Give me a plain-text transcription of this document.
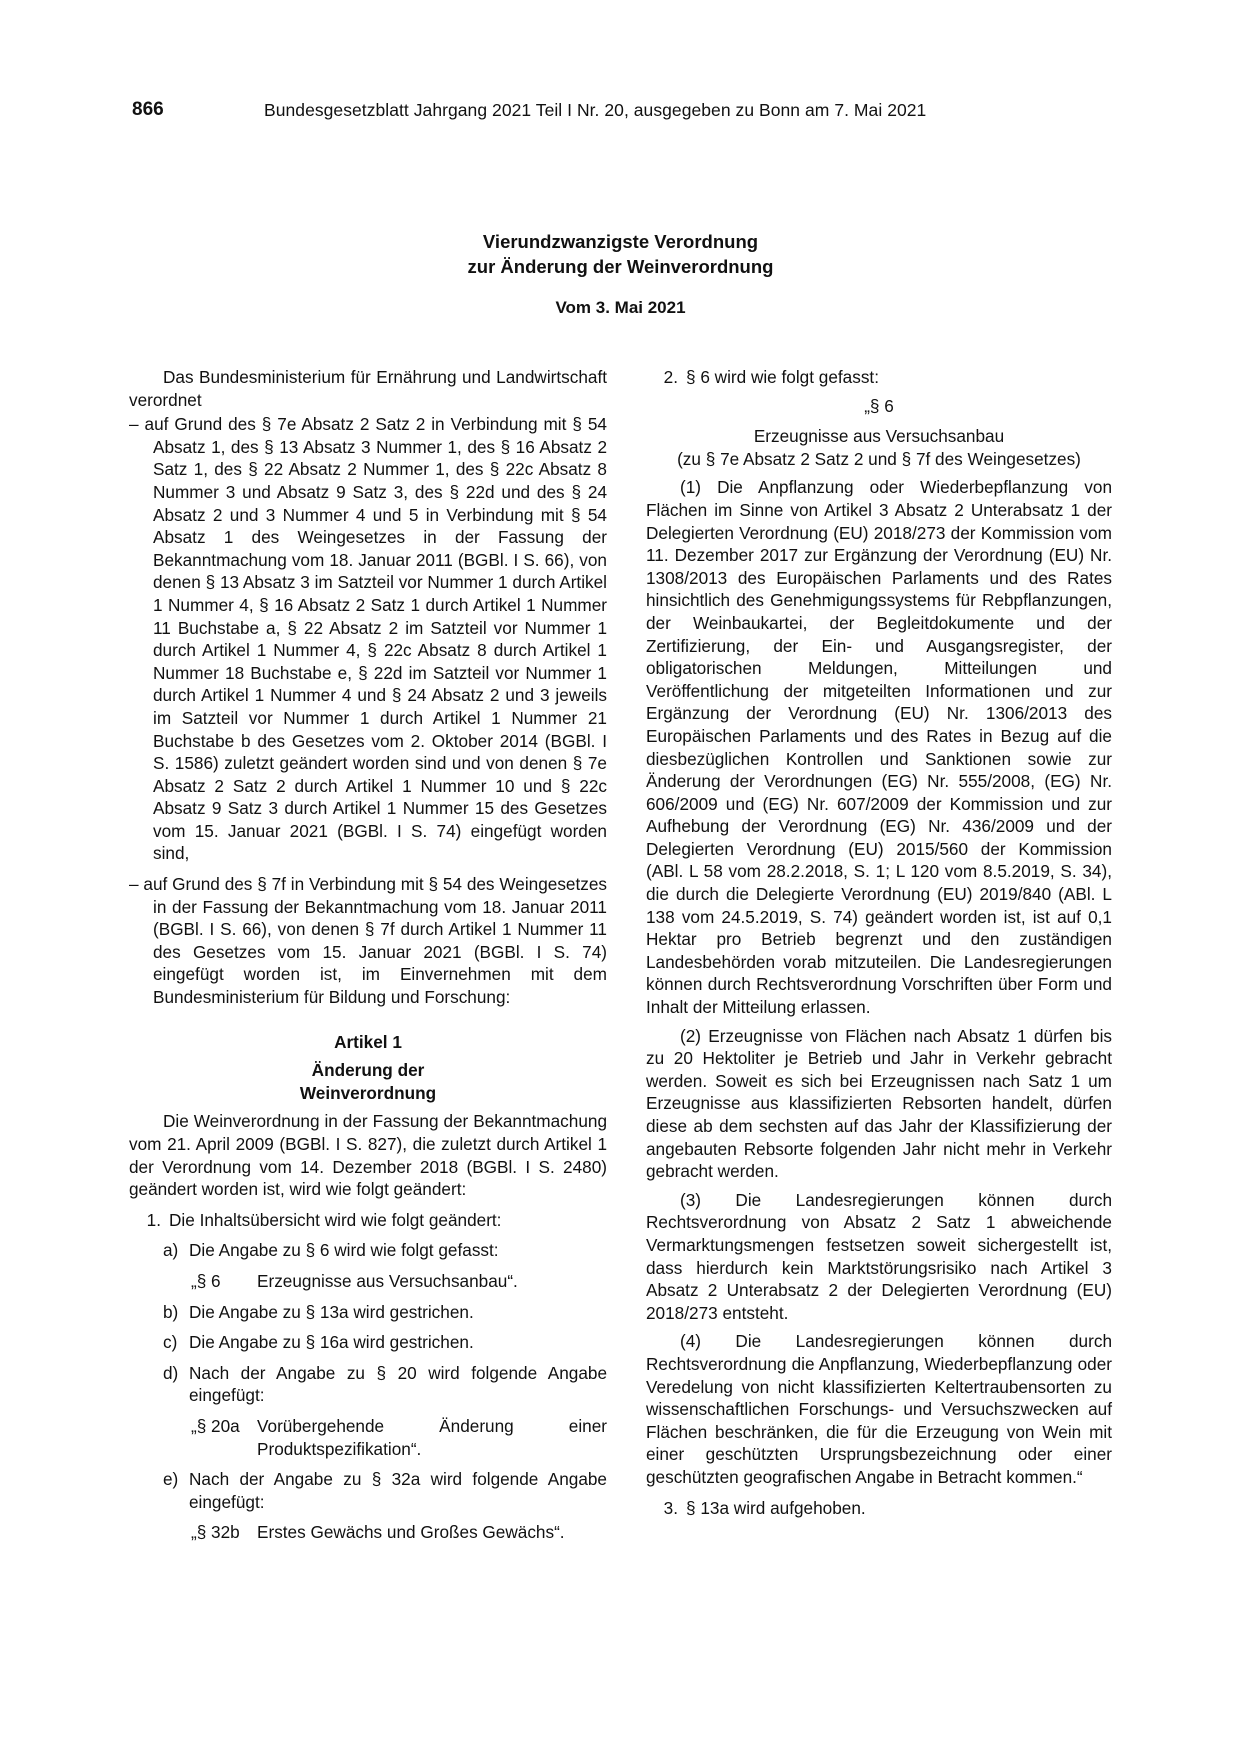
866	Bundesgesetzblatt Jahrgang 2021 Teil I Nr. 20, ausgegeben zu Bonn am 7. Mai 2021

Vierundzwanzigste Verordnung

zur Änderung der Weinverordnung

Vom 3. Mai 2021

Das Bundesministerium für Ernährung und Landwirtschaft verordnet

– auf Grund des § 7e Absatz 2 Satz 2 in Verbindung mit § 54 Absatz 1, des § 13 Absatz 3 Nummer 1, des § 16 Absatz 2 Satz 1, des § 22 Absatz 2 Nummer 1, des § 22c Absatz 8 Nummer 3 und Absatz 9 Satz 3, des § 22d und des § 24 Absatz 2 und 3 Nummer 4 und 5 in Verbindung mit § 54 Absatz 1 des Weingesetzes in der Fassung der Bekanntmachung vom 18. Januar 2011 (BGBl. I S. 66), von denen § 13 Absatz 3 im Satzteil vor Nummer 1 durch Artikel 1 Nummer 4, § 16 Absatz 2 Satz 1 durch Artikel 1 Nummer 11 Buchstabe a, § 22 Absatz 2 im Satzteil vor Nummer 1 durch Artikel 1 Nummer 4, § 22c Absatz 8 durch Artikel 1 Nummer 18 Buchstabe e, § 22d im Satzteil vor Nummer 1 durch Artikel 1 Nummer 4 und § 24 Absatz 2 und 3 jeweils im Satzteil vor Nummer 1 durch Artikel 1 Nummer 21 Buchstabe b des Gesetzes vom 2. Oktober 2014 (BGBl. I S. 1586) zuletzt geändert worden sind und von denen § 7e Absatz 2 Satz 2 durch Artikel 1 Nummer 10 und § 22c Absatz 9 Satz 3 durch Artikel 1 Nummer 15 des Gesetzes vom 15. Januar 2021 (BGBl. I S. 74) eingefügt worden sind,

– auf Grund des § 7f in Verbindung mit § 54 des Weingesetzes in der Fassung der Bekanntmachung vom 18. Januar 2011 (BGBl. I S. 66), von denen § 7f durch Artikel 1 Nummer 11 des Gesetzes vom 15. Januar 2021 (BGBl. I S. 74) eingefügt worden ist, im Einvernehmen mit dem Bundesministerium für Bildung und Forschung:

Artikel 1

Änderung der

Weinverordnung

Die Weinverordnung in der Fassung der Bekanntmachung vom 21. April 2009 (BGBl. I S. 827), die zuletzt durch Artikel 1 der Verordnung vom 14. Dezember 2018 (BGBl. I S. 2480) geändert worden ist, wird wie folgt geändert:

1. Die Inhaltsübersicht wird wie folgt geändert:
a) Die Angabe zu § 6 wird wie folgt gefasst:
„§ 6	Erzeugnisse aus Versuchsanbau“.
b) Die Angabe zu § 13a wird gestrichen.
c) Die Angabe zu § 16a wird gestrichen.
d) Nach der Angabe zu § 20 wird folgende Angabe eingefügt:
„§ 20a	Vorübergehende Änderung einer Produktspezifikation“.
e) Nach der Angabe zu § 32a wird folgende Angabe eingefügt:
„§ 32b	Erstes Gewächs und Großes Gewächs“.
2. § 6 wird wie folgt gefasst:

„§ 6

Erzeugnisse aus Versuchsanbau

(zu § 7e Absatz 2 Satz 2 und § 7f des Weingesetzes)

(1) Die Anpflanzung oder Wiederbepflanzung von Flächen im Sinne von Artikel 3 Absatz 2 Unterabsatz 1 der Delegierten Verordnung (EU) 2018/273 der Kommission vom 11. Dezember 2017 zur Ergänzung der Verordnung (EU) Nr. 1308/2013 des Europäischen Parlaments und des Rates hinsichtlich des Genehmigungssystems für Rebpflanzungen, der Weinbaukartei, der Begleitdokumente und der Zertifizierung, der Ein- und Ausgangsregister, der obligatorischen Meldungen, Mitteilungen und Veröffentlichung der mitgeteilten Informationen und zur Ergänzung der Verordnung (EU) Nr. 1306/2013 des Europäischen Parlaments und des Rates in Bezug auf die diesbezüglichen Kontrollen und Sanktionen sowie zur Änderung der Verordnungen (EG) Nr. 555/2008, (EG) Nr. 606/2009 und (EG) Nr. 607/2009 der Kommission und zur Aufhebung der Verordnung (EG) Nr. 436/2009 und der Delegierten Verordnung (EU) 2015/560 der Kommission (ABl. L 58 vom 28.2.2018, S. 1; L 120 vom 8.5.2019, S. 34), die durch die Delegierte Verordnung (EU) 2019/840 (ABl. L 138 vom 24.5.2019, S. 74) geändert worden ist, ist auf 0,1 Hektar pro Betrieb begrenzt und den zuständigen Landesbehörden vorab mitzuteilen. Die Landesregierungen können durch Rechtsverordnung Vorschriften über Form und Inhalt der Mitteilung erlassen.

(2) Erzeugnisse von Flächen nach Absatz 1 dürfen bis zu 20 Hektoliter je Betrieb und Jahr in Verkehr gebracht werden. Soweit es sich bei Erzeugnissen nach Satz 1 um Erzeugnisse aus klassifizierten Rebsorten handelt, dürfen diese ab dem sechsten auf das Jahr der Klassifizierung der angebauten Rebsorte folgenden Jahr nicht mehr in Verkehr gebracht werden.

(3) Die Landesregierungen können durch Rechtsverordnung von Absatz 2 Satz 1 abweichende Vermarktungsmengen festsetzen soweit sichergestellt ist, dass hierdurch kein Marktstörungsrisiko nach Artikel 3 Absatz 2 Unterabsatz 2 der Delegierten Verordnung (EU) 2018/273 entsteht.

(4) Die Landesregierungen können durch Rechtsverordnung die Anpflanzung, Wiederbepflanzung oder Veredelung von nicht klassifizierten Keltertraubensorten zu wissenschaftlichen Forschungs- und Versuchszwecken auf Flächen beschränken, die für die Erzeugung von Wein mit einer geschützten Ursprungsbezeichnung oder einer geschützten geografischen Angabe in Betracht kommen.“

3. § 13a wird aufgehoben.
